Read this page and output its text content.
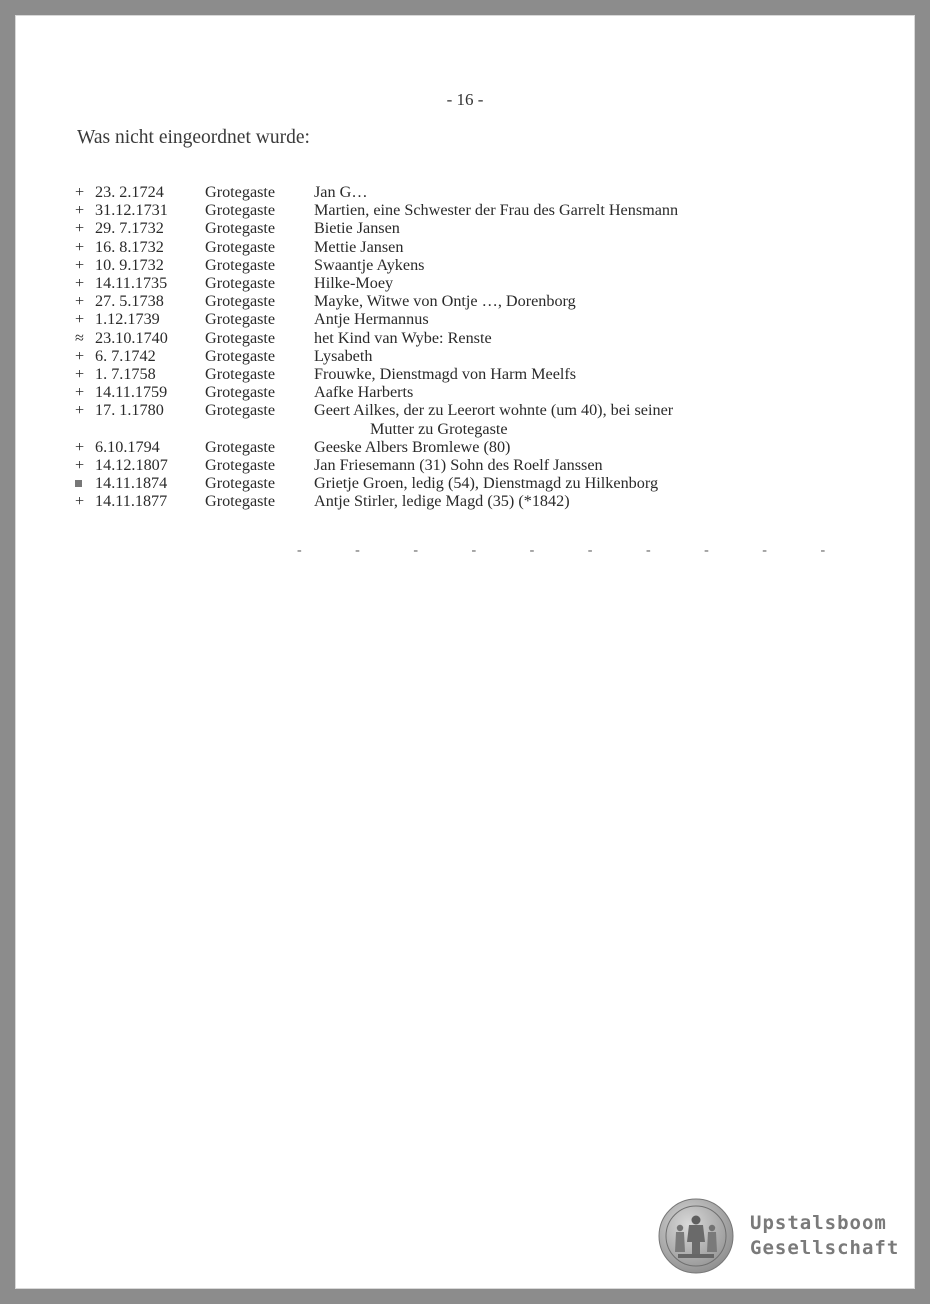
- 16 -
Was nicht eingeordnet wurde:
+ 23. 2.1724	Grotegaste	Jan G…
+ 31.12.1731 Grotegaste	Martien, eine Schwester der Frau des Garrelt Hensmann
+ 29. 7.1732	Grotegaste	Bietie Jansen
+ 16. 8.1732	Grotegaste	Mettie Jansen
+ 10. 9.1732	Grotegaste	Swaantje Aykens
+ 14.11.1735 Grotegaste	Hilke-Moey
+ 27. 5.1738	Grotegaste	Mayke, Witwe von Ontje …, Dorenborg
+ 1.12.1739	Grotegaste	Antje Hermannus
≈ 23.10.1740 Grotegaste	het Kind van Wybe: Renste
+ 6. 7.1742	Grotegaste	Lysabeth
+ 1. 7.1758	Grotegaste	Frouwke, Dienstmagd von Harm Meelfs
+ 14.11.1759 Grotegaste	Aafke Harberts
+ 17. 1.1780	Grotegaste	Geert Ailkes, der zu Leerort wohnte (um 40), bei seiner
Mutter zu Grotegaste
+ 6.10.1794	Grotegaste	Geeske Albers Bromlewe (80)
+ 14.12.1807 Grotegaste	Jan Friesemann (31) Sohn des Roelf Janssen
14.11.1874 Grotegaste	Grietje Groen, ledig (54), Dienstmagd zu Hilkenborg
+ 14.11.1877 Grotegaste	Antje Stirler, ledige Magd (35) (*1842)
- - - - - - - - - -
Upstalsboom
Gesellschaft
